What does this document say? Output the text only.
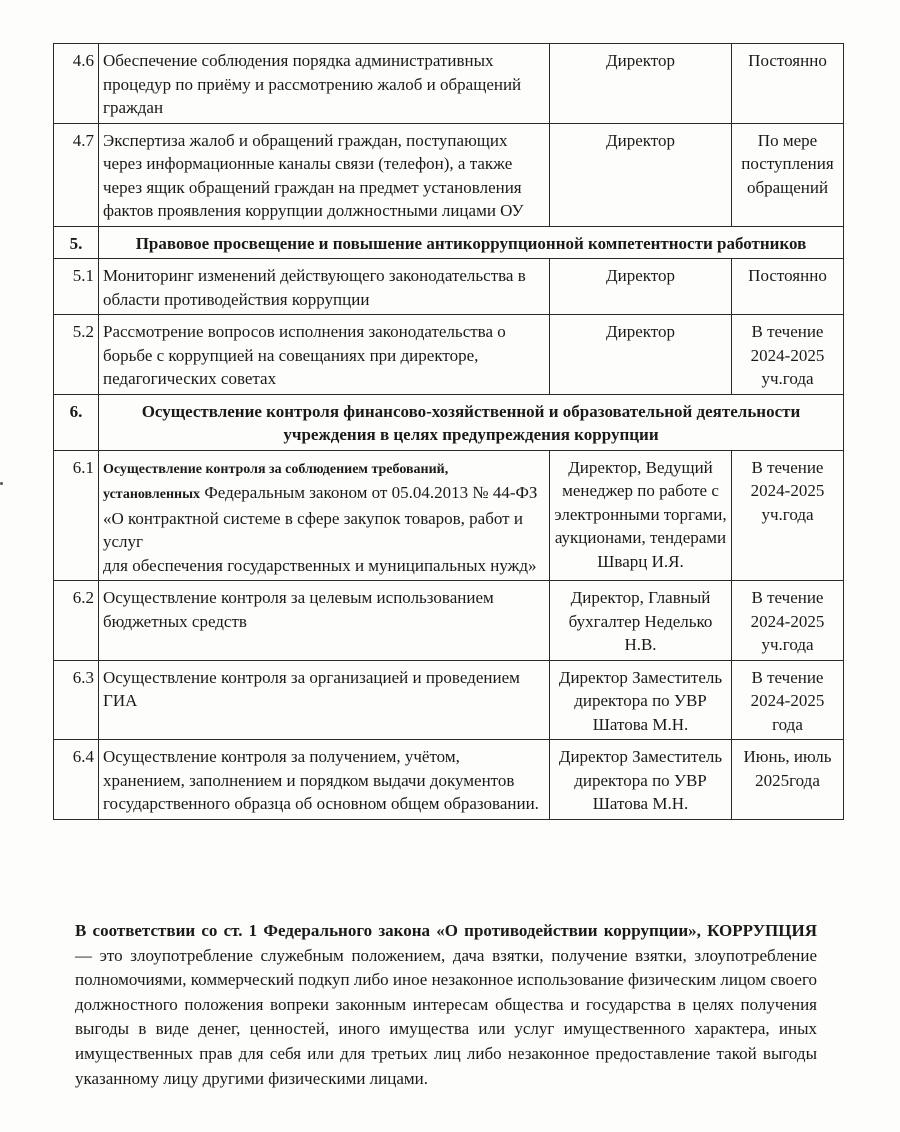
4.6	Обеспечение соблюдения порядка административных процедур по приёму и рассмотрению жалоб и обращений граждан	Директор	Постоянно
4.7	Экспертиза жалоб и обращений граждан, поступающих через информационные каналы связи (телефон), а также через ящик обращений граждан на предмет установления фактов проявления коррупции должностными лицами ОУ	Директор	По мере поступления обращений
5.	Правовое просвещение и повышение антикоррупционной компетентности работников		
5.1	Мониторинг изменений действующего законодательства в области противодействия коррупции	Директор	Постоянно
5.2	Рассмотрение вопросов исполнения законодательства о борьбе с коррупцией на совещаниях при директоре, педагогических советах	Директор	В течение 2024-2025 уч.года
6.	Осуществление контроля финансово-хозяйственной и образовательной деятельности учреждения в целях предупреждения коррупции		
6.1	Осуществление контроля за соблюдением требований, установленных Федеральным законом от 05.04.2013 № 44-ФЗ «О контрактной системе в сфере закупок товаров, работ и услуг
для обеспечения государственных и муниципальных нужд»	Директор, Ведущий менеджер по работе с электронными торгами, аукционами, тендерами Шварц И.Я.	В течение 2024-2025 уч.года
6.2	Осуществление контроля за целевым использованием бюджетных средств	Директор, Главный бухгалтер Неделько Н.В.	В течение 2024-2025 уч.года
6.3	Осуществление контроля за организацией и проведением ГИА	Директор Заместитель директора по УВР Шатова М.Н.	В течение 2024-2025 года
6.4	Осуществление контроля за получением, учётом, хранением, заполнением и порядком выдачи документов государственного образца об основном общем образовании.	Директор Заместитель директора по УВР Шатова М.Н.	Июнь, июль 2025года

В соответствии со ст. 1 Федерального закона «О противодействии коррупции», КОРРУПЦИЯ — это злоупотребление служебным положением, дача взятки, получение взятки, злоупотребление полномочиями, коммерческий подкуп либо иное незаконное использование физическим лицом своего должностного положения вопреки законным интересам общества и государства в целях получения выгоды в виде денег, ценностей, иного имущества или услуг имущественного характера, иных имущественных прав для себя или для третьих лиц либо незаконное предоставление такой выгоды указанному лицу другими физическими лицами.
